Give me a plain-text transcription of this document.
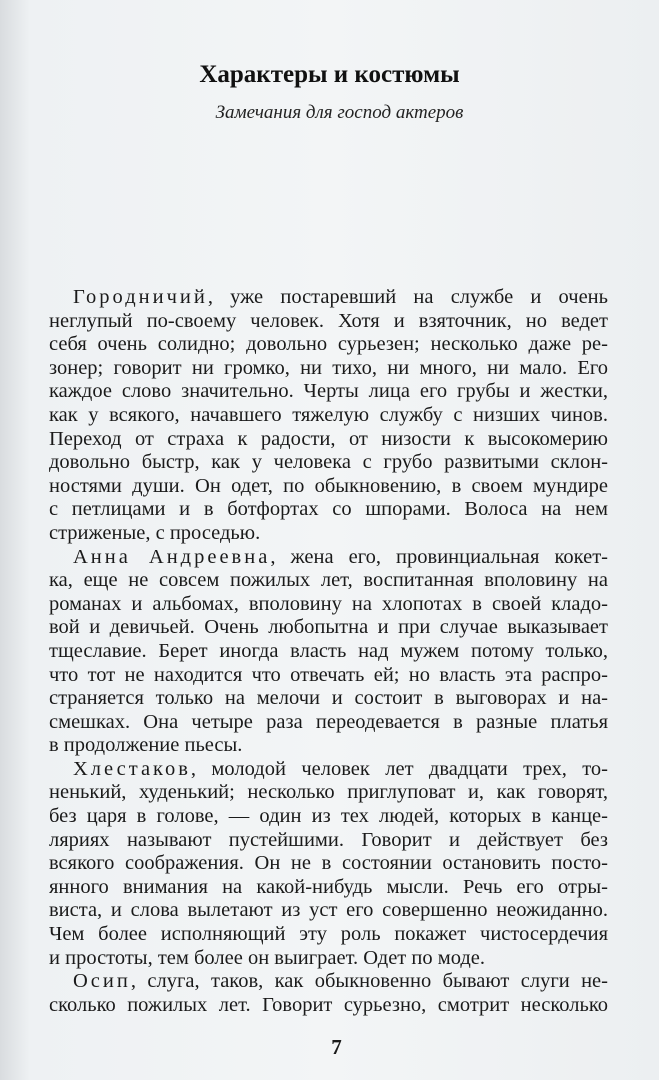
Характеры и костюмы
Замечания для господ актеров
Городничий, уже постаревший на службе и очень
неглупый по-своему человек. Хотя и взяточник, но ведет
себя очень солидно; довольно сурьезен; несколько даже ре-
зонер; говорит ни громко, ни тихо, ни много, ни мало. Его
каждое слово значительно. Черты лица его грубы и жестки,
как у всякого, начавшего тяжелую службу с низших чинов.
Переход от страха к радости, от низости к высокомерию
довольно быстр, как у человека с грубо развитыми склон-
ностями души. Он одет, по обыкновению, в своем мундире
с петлицами и в ботфортах со шпорами. Волоса на нем
стриженые, с проседью.
Анна Андреевна, жена его, провинциальная кокет-
ка, еще не совсем пожилых лет, воспитанная вполовину на
романах и альбомах, вполовину на хлопотах в своей кладо-
вой и девичьей. Очень любопытна и при случае выказывает
тщеславие. Берет иногда власть над мужем потому только,
что тот не находится что отвечать ей; но власть эта распро-
страняется только на мелочи и состоит в выговорах и на-
смешках. Она четыре раза переодевается в разные платья
в продолжение пьесы.
Хлестаков, молодой человек лет двадцати трех, то-
ненький, худенький; несколько приглуповат и, как говорят,
без царя в голове, — один из тех людей, которых в канце-
ляриях называют пустейшими. Говорит и действует без
всякого соображения. Он не в состоянии остановить посто-
янного внимания на какой-нибудь мысли. Речь его отры-
виста, и слова вылетают из уст его совершенно неожиданно.
Чем более исполняющий эту роль покажет чистосердечия
и простоты, тем более он выиграет. Одет по моде.
Осип, слуга, таков, как обыкновенно бывают слуги не-
сколько пожилых лет. Говорит сурьезно, смотрит несколько
7
